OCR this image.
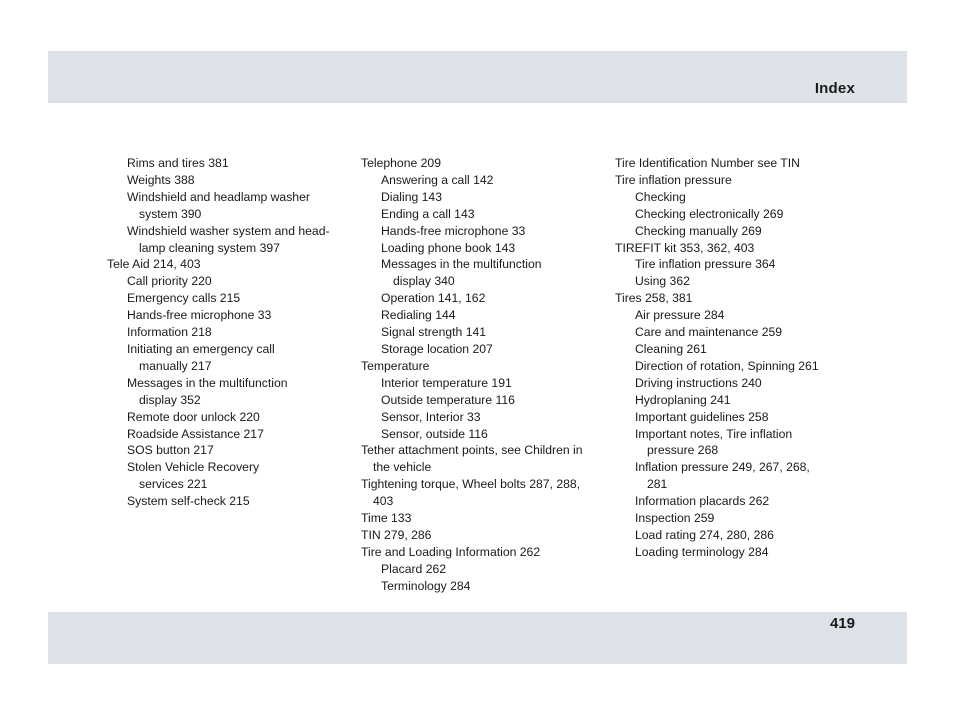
Index
Rims and tires 381
Weights 388
Windshield and headlamp washer
system 390
Windshield washer system and head-
lamp cleaning system 397
Tele Aid 214, 403
Call priority 220
Emergency calls 215
Hands-free microphone 33
Information 218
Initiating an emergency call
manually 217
Messages in the multifunction
display 352
Remote door unlock 220
Roadside Assistance 217
SOS button 217
Stolen Vehicle Recovery
services 221
System self-check 215
Telephone 209
Answering a call 142
Dialing 143
Ending a call 143
Hands-free microphone 33
Loading phone book 143
Messages in the multifunction
display 340
Operation 141, 162
Redialing 144
Signal strength 141
Storage location 207
Temperature
Interior temperature 191
Outside temperature 116
Sensor, Interior 33
Sensor, outside 116
Tether attachment points, see Children in
the vehicle
Tightening torque, Wheel bolts 287, 288,
403
Time 133
TIN 279, 286
Tire and Loading Information 262
Placard 262
Terminology 284
Tire Identification Number see TIN
Tire inflation pressure
Checking
Checking electronically 269
Checking manually 269
TIREFIT kit 353, 362, 403
Tire inflation pressure 364
Using 362
Tires 258, 381
Air pressure 284
Care and maintenance 259
Cleaning 261
Direction of rotation, Spinning 261
Driving instructions 240
Hydroplaning 241
Important guidelines 258
Important notes, Tire inflation
pressure 268
Inflation pressure 249, 267, 268,
281
Information placards 262
Inspection 259
Load rating 274, 280, 286
Loading terminology 284
419
